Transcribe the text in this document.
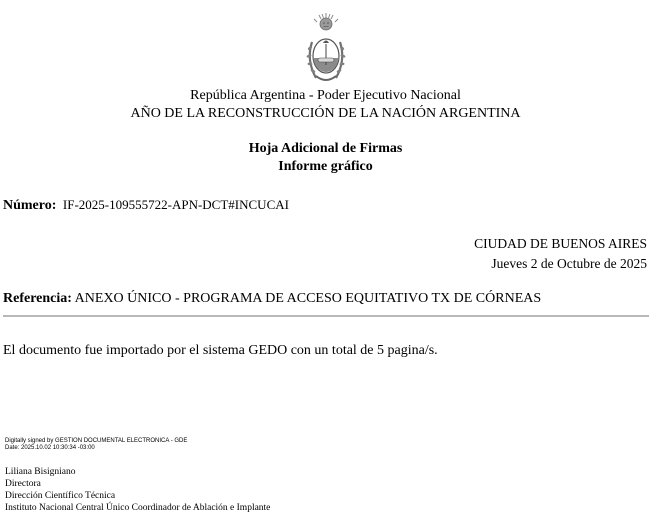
República Argentina - Poder Ejecutivo Nacional
AÑO DE LA RECONSTRUCCIÓN DE LA NACIÓN ARGENTINA
Hoja Adicional de Firmas
Informe gráfico
Número: IF-2025-109555722-APN-DCT#INCUCAI
CIUDAD DE BUENOS AIRES
Jueves 2 de Octubre de 2025
Referencia: ANEXO ÚNICO - PROGRAMA DE ACCESO EQUITATIVO TX DE CÓRNEAS
El documento fue importado por el sistema GEDO con un total de 5 pagina/s.
Digitally signed by GESTION DOCUMENTAL ELECTRONICA - GDE
Date: 2025.10.02 10:30:34 -03:00
Liliana Bisigniano
Directora
Dirección Científico Técnica
Instituto Nacional Central Único Coordinador de Ablación e Implante
